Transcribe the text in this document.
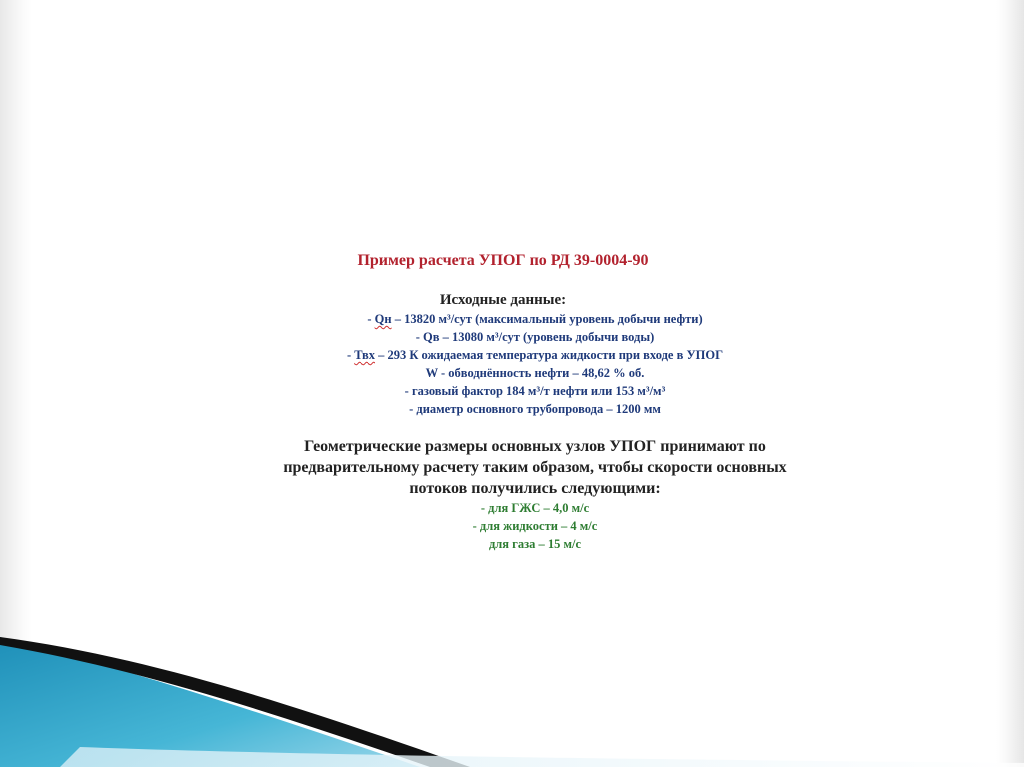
Пример расчета УПОГ по РД 39-0004-90
Исходные данные:
- Qн – 13820 м³/сут (максимальный уровень добычи нефти)
- Qв – 13080 м³/сут (уровень добычи воды)
- Твх – 293 К ожидаемая температура жидкости при входе в УПОГ
W - обводнённость нефти – 48,62 % об.
- газовый фактор 184 м³/т нефти или 153 м³/м³
- диаметр основного трубопровода – 1200 мм
Геометрические размеры основных узлов УПОГ принимают по
предварительному расчету таким образом, чтобы скорости основных
потоков получились следующими:
- для ГЖС – 4,0 м/с
- для жидкости – 4 м/с
для газа – 15 м/с
